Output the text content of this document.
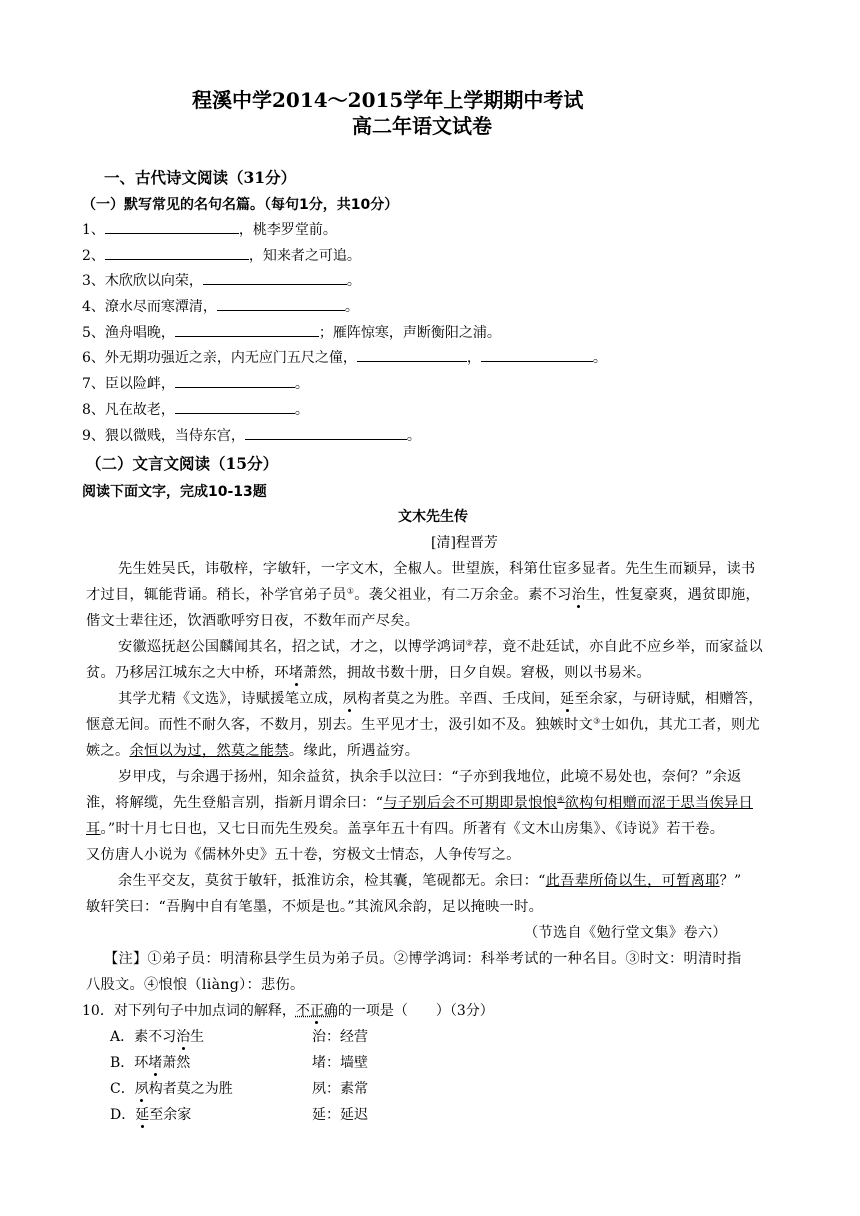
程溪中学2014～2015学年上学期期中考试
高二年语文试卷
一、古代诗文阅读（31分）
（一）默写常见的名句名篇。（每句1分，共10分）
1、	，桃李罗堂前。
2、	，知来者之可追。
3、木欣欣以向荣，	。
4、潦水尽而寒潭清，	。
5、渔舟唱晚，	；雁阵惊寒，声断衡阳之浦。
6、外无期功强近之亲，内无应门五尺之僮，	，	。
7、臣以险衅，	。
8、凡在故老，	。
9、猥以微贱，当侍东宫，	。
（二）文言文阅读（15分）
阅读下面文字，完成10-13题
文木先生传
[清]程晋芳
先生姓吴氏，讳敬梓，字敏轩，一字文木，全椒人。世望族，科第仕宦多显者。先生生而颖异，读书
才过目，辄能背诵。稍长，补学官弟子员①。袭父祖业，有二万余金。素不习治生，性复豪爽，遇贫即施，
偕文士辈往还，饮酒歌呼穷日夜，不数年而产尽矣。
安徽巡抚赵公国麟闻其名，招之试，才之，以博学鸿词②荐，竟不赴廷试，亦自此不应乡举，而家益以
贫。乃移居江城东之大中桥，环堵萧然，拥故书数十册，日夕自娱。窘极，则以书易米。
其学尤精《文选》，诗赋援笔立成，夙构者莫之为胜。辛酉、壬戌间，延至余家，与研诗赋，相赠答，
惬意无间。而性不耐久客，不数月，别去。生平见才士，汲引如不及。独嫉时文③士如仇，其尤工者，则尤
嫉之。余恒以为过，然莫之能禁。缘此，所遇益穷。
岁甲戌，与余遇于扬州，知余益贫，执余手以泣曰：“子亦到我地位，此境不易处也，奈何？”余返
淮，将解缆，先生登船言别，指新月谓余曰：“与子别后会不可期即景悢悢④欲构句相赠而涩于思当俟异日
耳。”时十月七日也，又七日而先生殁矣。盖享年五十有四。所著有《文木山房集》、《诗说》若干卷。
又仿唐人小说为《儒林外史》五十卷，穷极文士情态，人争传写之。
余生平交友，莫贫于敏轩，抵淮访余，检其囊，笔砚都无。余曰：“此吾辈所倚以生，可暂离耶？”
敏轩笑曰：“吾胸中自有笔墨，不烦是也。”其流风余韵，足以掩映一时。
（节选自《勉行堂文集》卷六）
【注】①弟子员：明清称县学生员为弟子员。②博学鸿词：科举考试的一种名目。③时文：明清时指
八股文。④悢悢（liàng）：悲伤。
10．对下列句子中加点词的解释，不正确的一项是（　　）（3分）
A．素不习治生	治：经营
B．环堵萧然	堵：墙壁
C．夙构者莫之为胜	夙：素常
D．延至余家	延：延迟
